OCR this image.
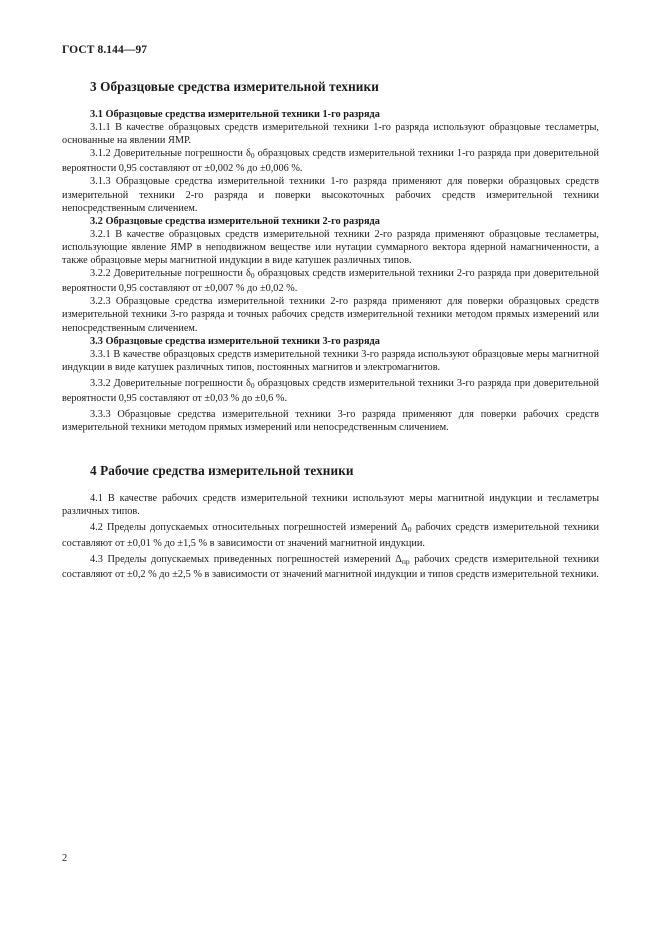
ГОСТ 8.144—97
3 Образцовые средства измерительной техники
3.1 Образцовые средства измерительной техники 1-го разряда

3.1.1 В качестве образцовых средств измерительной техники 1-го разряда используют образцовые тесламетры, основанные на явлении ЯМР.

3.1.2 Доверительные погрешности $\delta_0$ образцовых средств измерительной техники 1-го разряда при доверительной вероятности 0,95 составляют от ±0,002 % до ±0,006 %.

3.1.3 Образцовые средства измерительной техники 1-го разряда применяют для поверки образцовых средств измерительной техники 2-го разряда и поверки высокоточных рабочих средств измерительной техники непосредственным сличением.

3.2 Образцовые средства измерительной техники 2-го разряда

3.2.1 В качестве образцовых средств измерительной техники 2-го разряда применяют образцовые тесламетры, использующие явление ЯМР в неподвижном веществе или нутации суммарного вектора ядерной намагниченности, а также образцовые меры магнитной индукции в виде катушек различных типов.

3.2.2 Доверительные погрешности $\delta_0$ образцовых средств измерительной техники 2-го разряда при доверительной вероятности 0,95 составляют от ±0,007 % до ±0,02 %.

3.2.3 Образцовые средства измерительной техники 2-го разряда применяют для поверки образцовых средств измерительной техники 3-го разряда и точных рабочих средств измерительной техники методом прямых измерений или непосредственным сличением.

3.3 Образцовые средства измерительной техники 3-го разряда

3.3.1 В качестве образцовых средств измерительной техники 3-го разряда используют образцовые меры магнитной индукции в виде катушек различных типов, постоянных магнитов и электромагнитов.

3.3.2 Доверительные погрешности $\delta_0$ образцовых средств измерительной техники 3-го разряда при доверительной вероятности 0,95 составляют от ±0,03 % до ±0,6 %.

3.3.3 Образцовые средства измерительной техники 3-го разряда применяют для поверки рабочих средств измерительной техники методом прямых измерений или непосредственным сличением.

4 Рабочие средства измерительной техники

4.1 В качестве рабочих средств измерительной техники используют меры магнитной индукции и тесламетры различных типов.

4.2 Пределы допускаемых относительных погрешностей измерений $\Delta_0$ рабочих средств измерительной техники составляют от ±0,01 % до ±1,5 % в зависимости от значений магнитной индукции.

4.3 Пределы допускаемых приведенных погрешностей измерений $\Delta_{пр}$ рабочих средств измерительной техники составляют от ±0,2 % до ±2,5 % в зависимости от значений магнитной индукции и типов средств измерительной техники.

2
